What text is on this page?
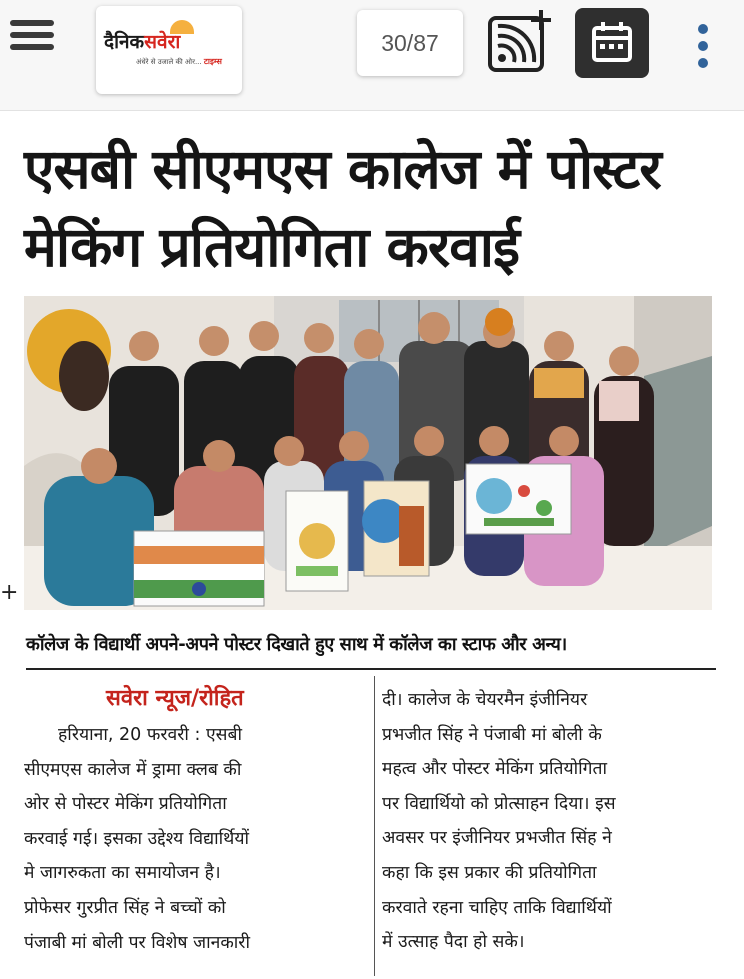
दैनिकसवेरा
अंधेरे से उजाले की ओर... टाइम्स
30/87
एसबी सीएमएस कालेज में पोस्टर
मेकिंग प्रतियोगिता करवाई
+
कॉलेज के विद्यार्थी अपने-अपने पोस्टर दिखाते हुए साथ में कॉलेज का स्टाफ और अन्य।
सवेरा न्यूज/रोहित
हरियाना, 20 फरवरी : एसबी
सीएमएस कालेज में ड्रामा क्लब की
ओर से पोस्टर मेकिंग प्रतियोगिता
करवाई गई। इसका उद्देश्य विद्यार्थियों
मे जागरुकता का समायोजन है।
प्रोफेसर गुरप्रीत सिंह ने बच्चों को
पंजाबी मां बोली पर विशेष जानकारी
दी। कालेज के चेयरमैन इंजीनियर
प्रभजीत सिंह ने पंजाबी मां बोली के
महत्व और पोस्टर मेकिंग प्रतियोगिता
पर विद्यार्थियो को प्रोत्साहन दिया। इस
अवसर पर इंजीनियर प्रभजीत सिंह ने
कहा कि इस प्रकार की प्रतियोगिता
करवाते रहना चाहिए ताकि विद्यार्थियों
में उत्साह पैदा हो सके।
